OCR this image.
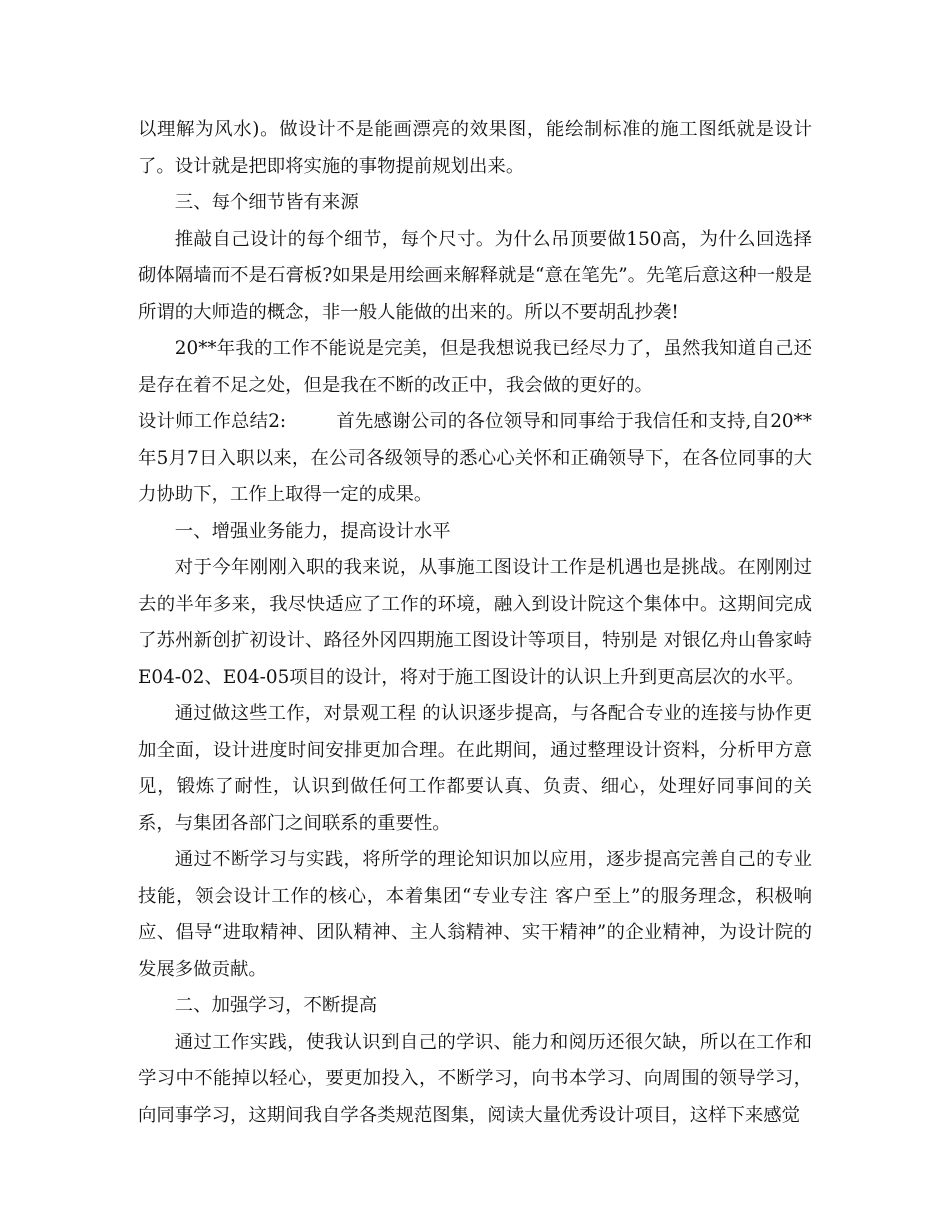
以理解为风水)。做设计不是能画漂亮的效果图，能绘制标准的施工图纸就是设计了。设计就是把即将实施的事物提前规划出来。

三、每个细节皆有来源

推敲自己设计的每个细节，每个尺寸。为什么吊顶要做150高，为什么回选择砌体隔墙而不是石膏板?如果是用绘画来解释就是“意在笔先”。先笔后意这种一般是所谓的大师造的概念，非一般人能做的出来的。所以不要胡乱抄袭!

20**年我的工作不能说是完美，但是我想说我已经尽力了，虽然我知道自己还是存在着不足之处，但是我在不断的改正中，我会做的更好的。

设计师工作总结2:	首先感谢公司的各位领导和同事给于我信任和支持,自20**年5月7日入职以来，在公司各级领导的悉心心关怀和正确领导下，在各位同事的大力协助下，工作上取得一定的成果。

一、增强业务能力，提高设计水平

对于今年刚刚入职的我来说，从事施工图设计工作是机遇也是挑战。在刚刚过去的半年多来，我尽快适应了工作的环境，融入到设计院这个集体中。这期间完成了苏州新创扩初设计、路径外冈四期施工图设计等项目，特别是 对银亿舟山鲁家峙E04-02、E04-05项目的设计，将对于施工图设计的认识上升到更高层次的水平。

通过做这些工作，对景观工程 的认识逐步提高，与各配合专业的连接与协作更加全面，设计进度时间安排更加合理。在此期间，通过整理设计资料，分析甲方意见，锻炼了耐性，认识到做任何工作都要认真、负责、细心，处理好同事间的关系，与集团各部门之间联系的重要性。

通过不断学习与实践，将所学的理论知识加以应用，逐步提高完善自己的专业技能，领会设计工作的核心，本着集团“专业专注 客户至上”的服务理念，积极响应、倡导“进取精神、团队精神、主人翁精神、实干精神”的企业精神，为设计院的发展多做贡献。

二、加强学习，不断提高

通过工作实践，使我认识到自己的学识、能力和阅历还很欠缺，所以在工作和学习中不能掉以轻心，要更加投入，不断学习，向书本学习、向周围的领导学习，向同事学习，这期间我自学各类规范图集，阅读大量优秀设计项目，这样下来感觉
